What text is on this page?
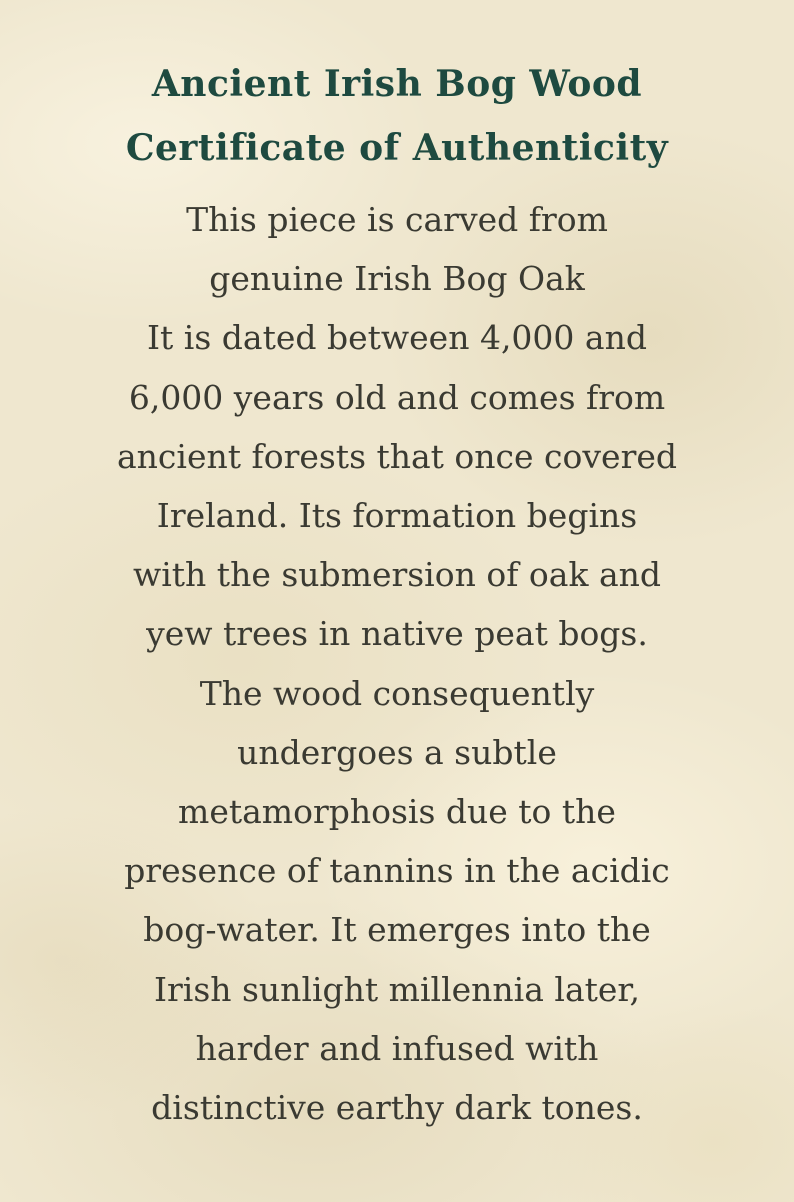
Ancient Irish Bog Wood
Certificate of Authenticity
This piece is carved from
genuine Irish Bog Oak
It is dated between 4,000 and
6,000 years old and comes from
ancient forests that once covered
Ireland. Its formation begins
with the submersion of oak and
yew trees in native peat bogs.
The wood consequently
undergoes a subtle
metamorphosis due to the
presence of tannins in the acidic
bog-water. It emerges into the
Irish sunlight millennia later,
harder and infused with
distinctive earthy dark tones.
